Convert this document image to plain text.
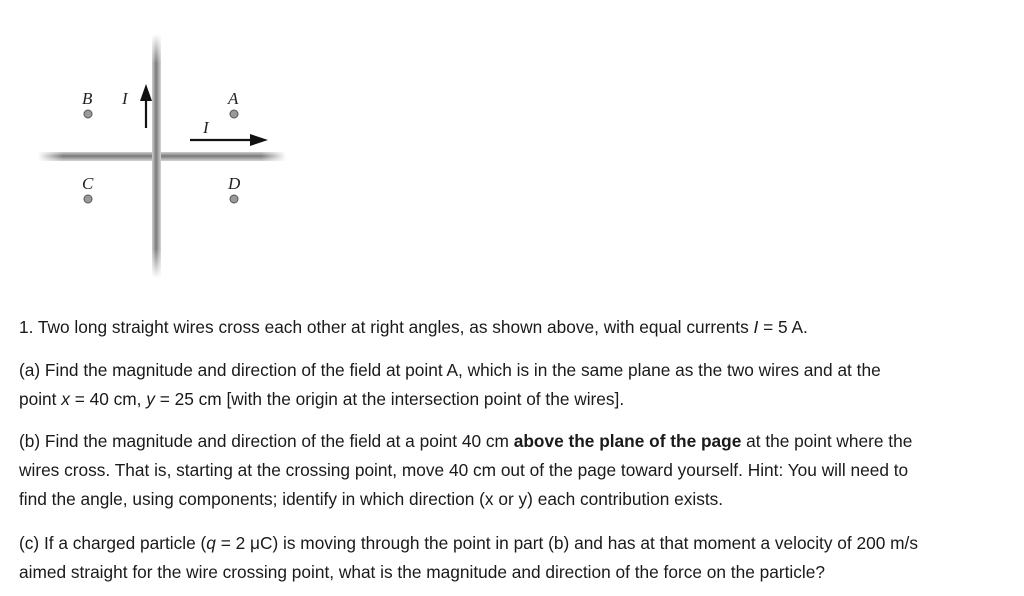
B I	A
I
C	D

1. Two long straight wires cross each other at right angles, as shown above, with equal currents I = 5 A.

(a) Find the magnitude and direction of the field at point A, which is in the same plane as the two wires and at the

point x = 40 cm, y = 25 cm [with the origin at the intersection point of the wires].

(b) Find the magnitude and direction of the field at a point 40 cm above the plane of the page at the point where the

wires cross. That is, starting at the crossing point, move 40 cm out of the page toward yourself. Hint: You will need to

find the angle, using components; identify in which direction (x or y) each contribution exists.

(c) If a charged particle (q = 2 μC) is moving through the point in part (b) and has at that moment a velocity of 200 m/s

aimed straight for the wire crossing point, what is the magnitude and direction of the force on the particle?
